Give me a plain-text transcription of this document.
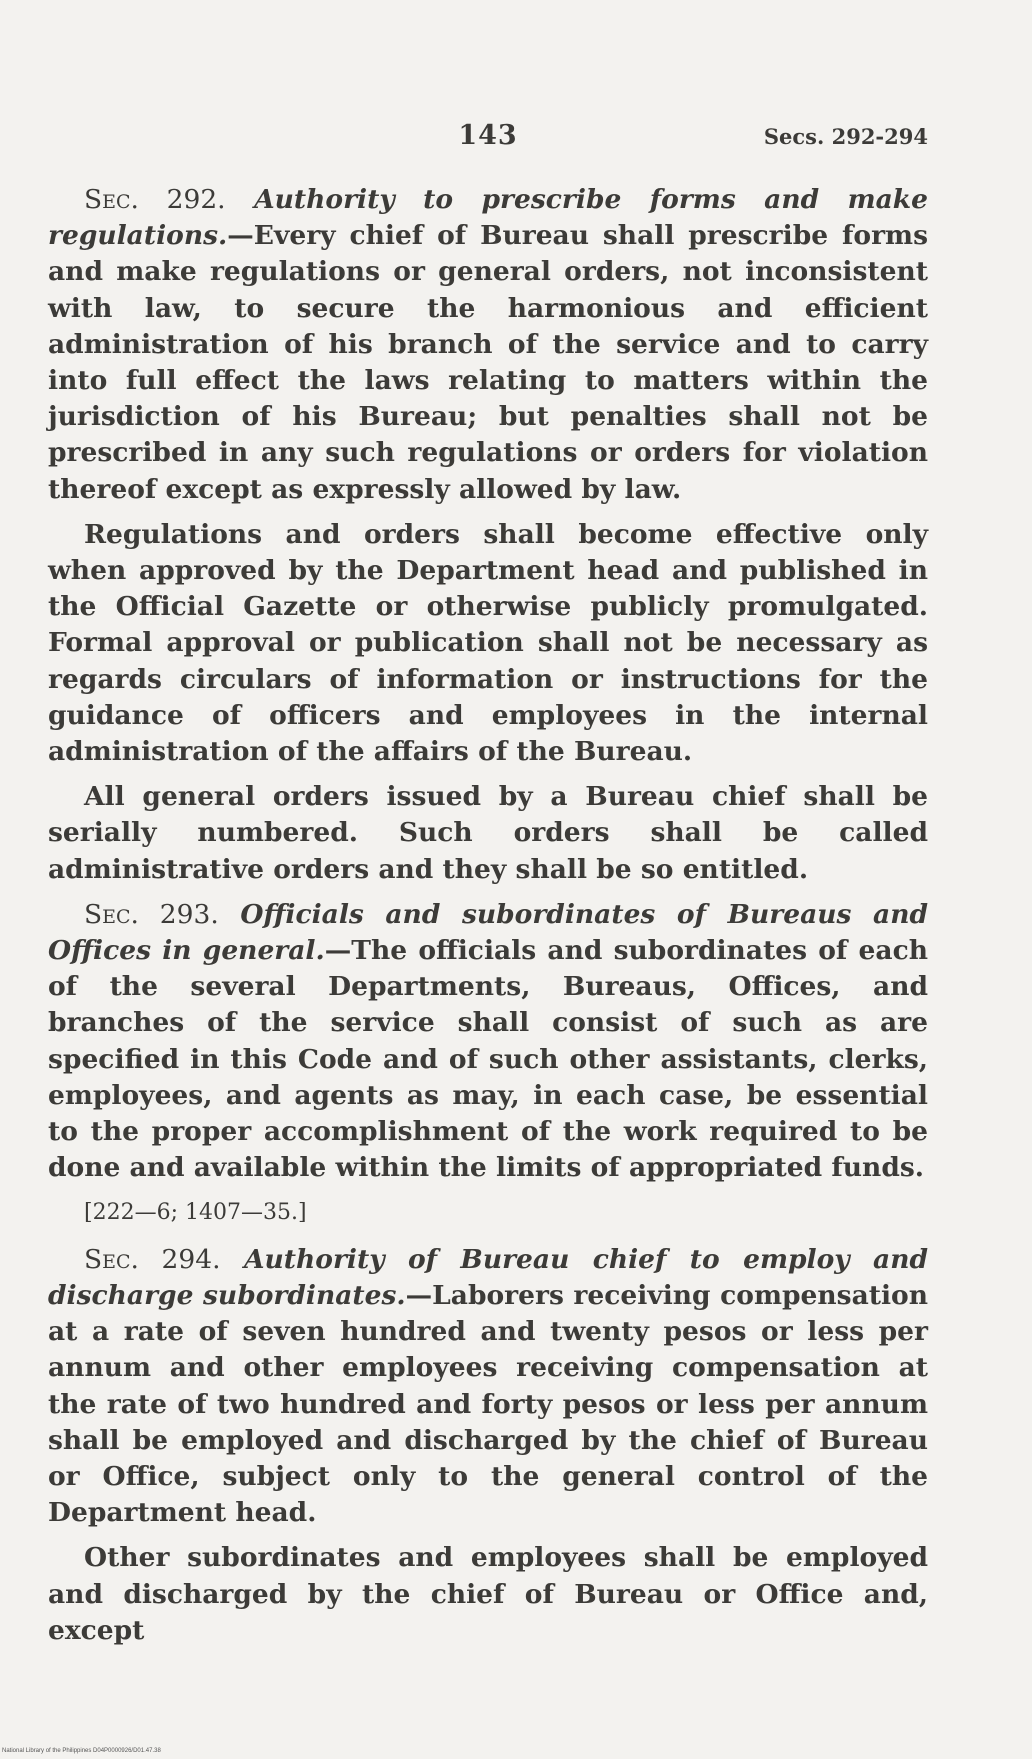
143	Secs. 292-294

Sec. 292. Authority to prescribe forms and make regulations.—Every chief of Bureau shall prescribe forms and make regulations or general orders, not inconsistent with law, to secure the harmonious and efficient administration of his branch of the service and to carry into full effect the laws relating to matters within the jurisdiction of his Bureau; but penalties shall not be prescribed in any such regulations or orders for violation thereof except as expressly allowed by law.

Regulations and orders shall become effective only when approved by the Department head and published in the Official Gazette or otherwise publicly promulgated. Formal approval or publication shall not be necessary as regards circulars of information or instructions for the guidance of officers and employees in the internal administration of the affairs of the Bureau.

All general orders issued by a Bureau chief shall be serially numbered. Such orders shall be called administrative orders and they shall be so entitled.

Sec. 293. Officials and subordinates of Bureaus and Offices in general.—The officials and subordinates of each of the several Departments, Bureaus, Offices, and branches of the service shall consist of such as are specified in this Code and of such other assistants, clerks, employees, and agents as may, in each case, be essential to the proper accomplishment of the work required to be done and available within the limits of appropriated funds.

[222—6; 1407—35.]

Sec. 294. Authority of Bureau chief to employ and discharge subordinates.—Laborers receiving compensation at a rate of seven hundred and twenty pesos or less per annum and other employees receiving compensation at the rate of two hundred and forty pesos or less per annum shall be employed and discharged by the chief of Bureau or Office, subject only to the general control of the Department head.

Other subordinates and employees shall be employed and discharged by the chief of Bureau or Office and, except

National Library of the Philippines D04P0000926/D01.47.38
